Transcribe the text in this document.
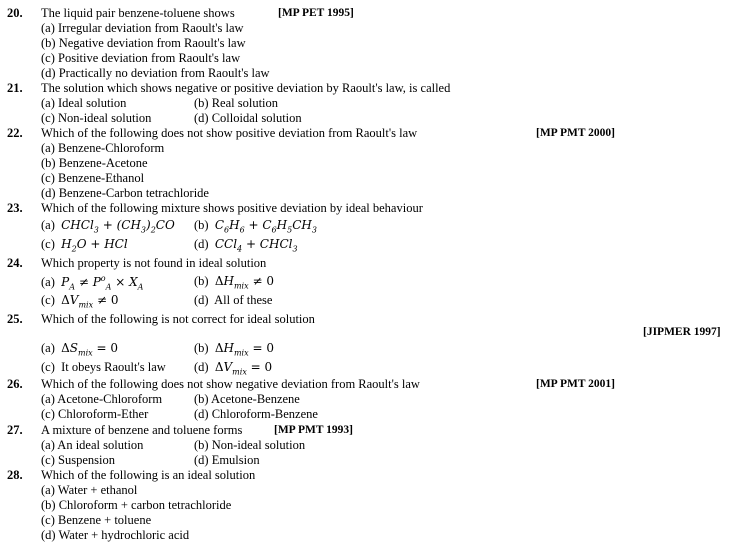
20. The liquid pair benzene-toluene shows	[MP PET 1995]
(a) Irregular deviation from Raoult's law
(b) Negative deviation from Raoult's law
(c) Positive deviation from Raoult's law
(d) Practically no deviation from Raoult's law
21. The solution which shows negative or positive deviation by Raoult's law, is called
(a) Ideal solution	(b) Real solution
(c) Non-ideal solution	(d) Colloidal solution
22. Which of the following does not show positive deviation from Raoult's law	[MP PMT 2000]
(a) Benzene-Chloroform
(b) Benzene-Acetone
(c) Benzene-Ethanol
(d) Benzene-Carbon tetrachloride
23. Which of the following mixture shows positive deviation by ideal behaviour
(a) CHCl$_3$ + $(CH_3)_2CO$ (b) $C_6H_6 + C_6H_5CH_3$
(c) $H_2O$ + HCl	(d) CCl$_4$ + CHCl$_3$
24. Which property is not found in ideal solution
(a) $P_A \ne P^o_A \times X_A$	(b) $\Delta H_{mix} \ne 0$
(c) $\Delta V_{mix} \ne 0$	(d) All of these
25. Which of the following is not correct for ideal solution
[JIPMER 1997]
(a) $\Delta S_{mix} = 0$	(b) $\Delta H_{mix} = 0$
(c) It obeys Raoult's law (d) $\Delta V_{mix} = 0$
26. Which of the following does not show negative deviation from Raoult's law	[MP PMT 2001]
(a) Acetone-Chloroform	(b) Acetone-Benzene
(c) Chloroform-Ether	(d) Chloroform-Benzene
27. A mixture of benzene and toluene forms	[MP PMT 1993]
(a) An ideal solution	(b) Non-ideal solution
(c) Suspension	(d) Emulsion
28. Which of the following is an ideal solution
(a) Water + ethanol
(b) Chloroform + carbon tetrachloride
(c) Benzene + toluene
(d) Water + hydrochloric acid
